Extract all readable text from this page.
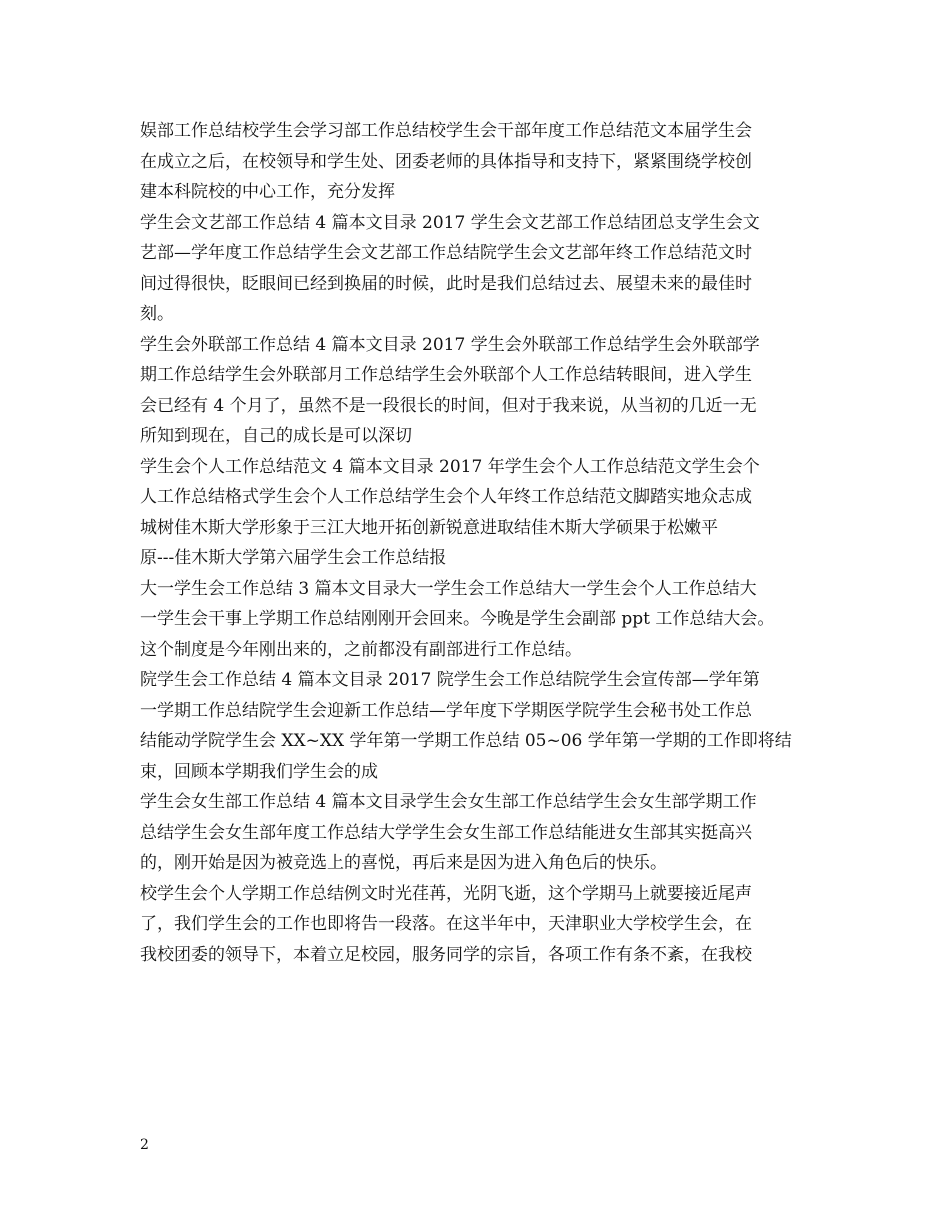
娱部工作总结校学生会学习部工作总结校学生会干部年度工作总结范文本届学生会
在成立之后，在校领导和学生处、团委老师的具体指导和支持下，紧紧围绕学校创
建本科院校的中心工作，充分发挥
学生会文艺部工作总结 4 篇本文目录 2017 学生会文艺部工作总结团总支学生会文
艺部—学年度工作总结学生会文艺部工作总结院学生会文艺部年终工作总结范文时
间过得很快，眨眼间已经到换届的时候，此时是我们总结过去、展望未来的最佳时
刻。
学生会外联部工作总结 4 篇本文目录 2017 学生会外联部工作总结学生会外联部学
期工作总结学生会外联部月工作总结学生会外联部个人工作总结转眼间，进入学生
会已经有 4 个月了，虽然不是一段很长的时间，但对于我来说，从当初的几近一无
所知到现在，自己的成长是可以深切
学生会个人工作总结范文 4 篇本文目录 2017 年学生会个人工作总结范文学生会个
人工作总结格式学生会个人工作总结学生会个人年终工作总结范文脚踏实地众志成
城树佳木斯大学形象于三江大地开拓创新锐意进取结佳木斯大学硕果于松嫩平
原---佳木斯大学第六届学生会工作总结报
大一学生会工作总结 3 篇本文目录大一学生会工作总结大一学生会个人工作总结大
一学生会干事上学期工作总结刚刚开会回来。今晚是学生会副部 ppt 工作总结大会。
这个制度是今年刚出来的，之前都没有副部进行工作总结。
院学生会工作总结 4 篇本文目录 2017 院学生会工作总结院学生会宣传部—学年第
一学期工作总结院学生会迎新工作总结—学年度下学期医学院学生会秘书处工作总
结能动学院学生会 XX~XX 学年第一学期工作总结 05~06 学年第一学期的工作即将结
束，回顾本学期我们学生会的成
学生会女生部工作总结 4 篇本文目录学生会女生部工作总结学生会女生部学期工作
总结学生会女生部年度工作总结大学学生会女生部工作总结能进女生部其实挺高兴
的，刚开始是因为被竞选上的喜悦，再后来是因为进入角色后的快乐。
校学生会个人学期工作总结例文时光荏苒，光阴飞逝，这个学期马上就要接近尾声
了，我们学生会的工作也即将告一段落。在这半年中，天津职业大学校学生会，在
我校团委的领导下，本着立足校园，服务同学的宗旨，各项工作有条不紊，在我校
2
